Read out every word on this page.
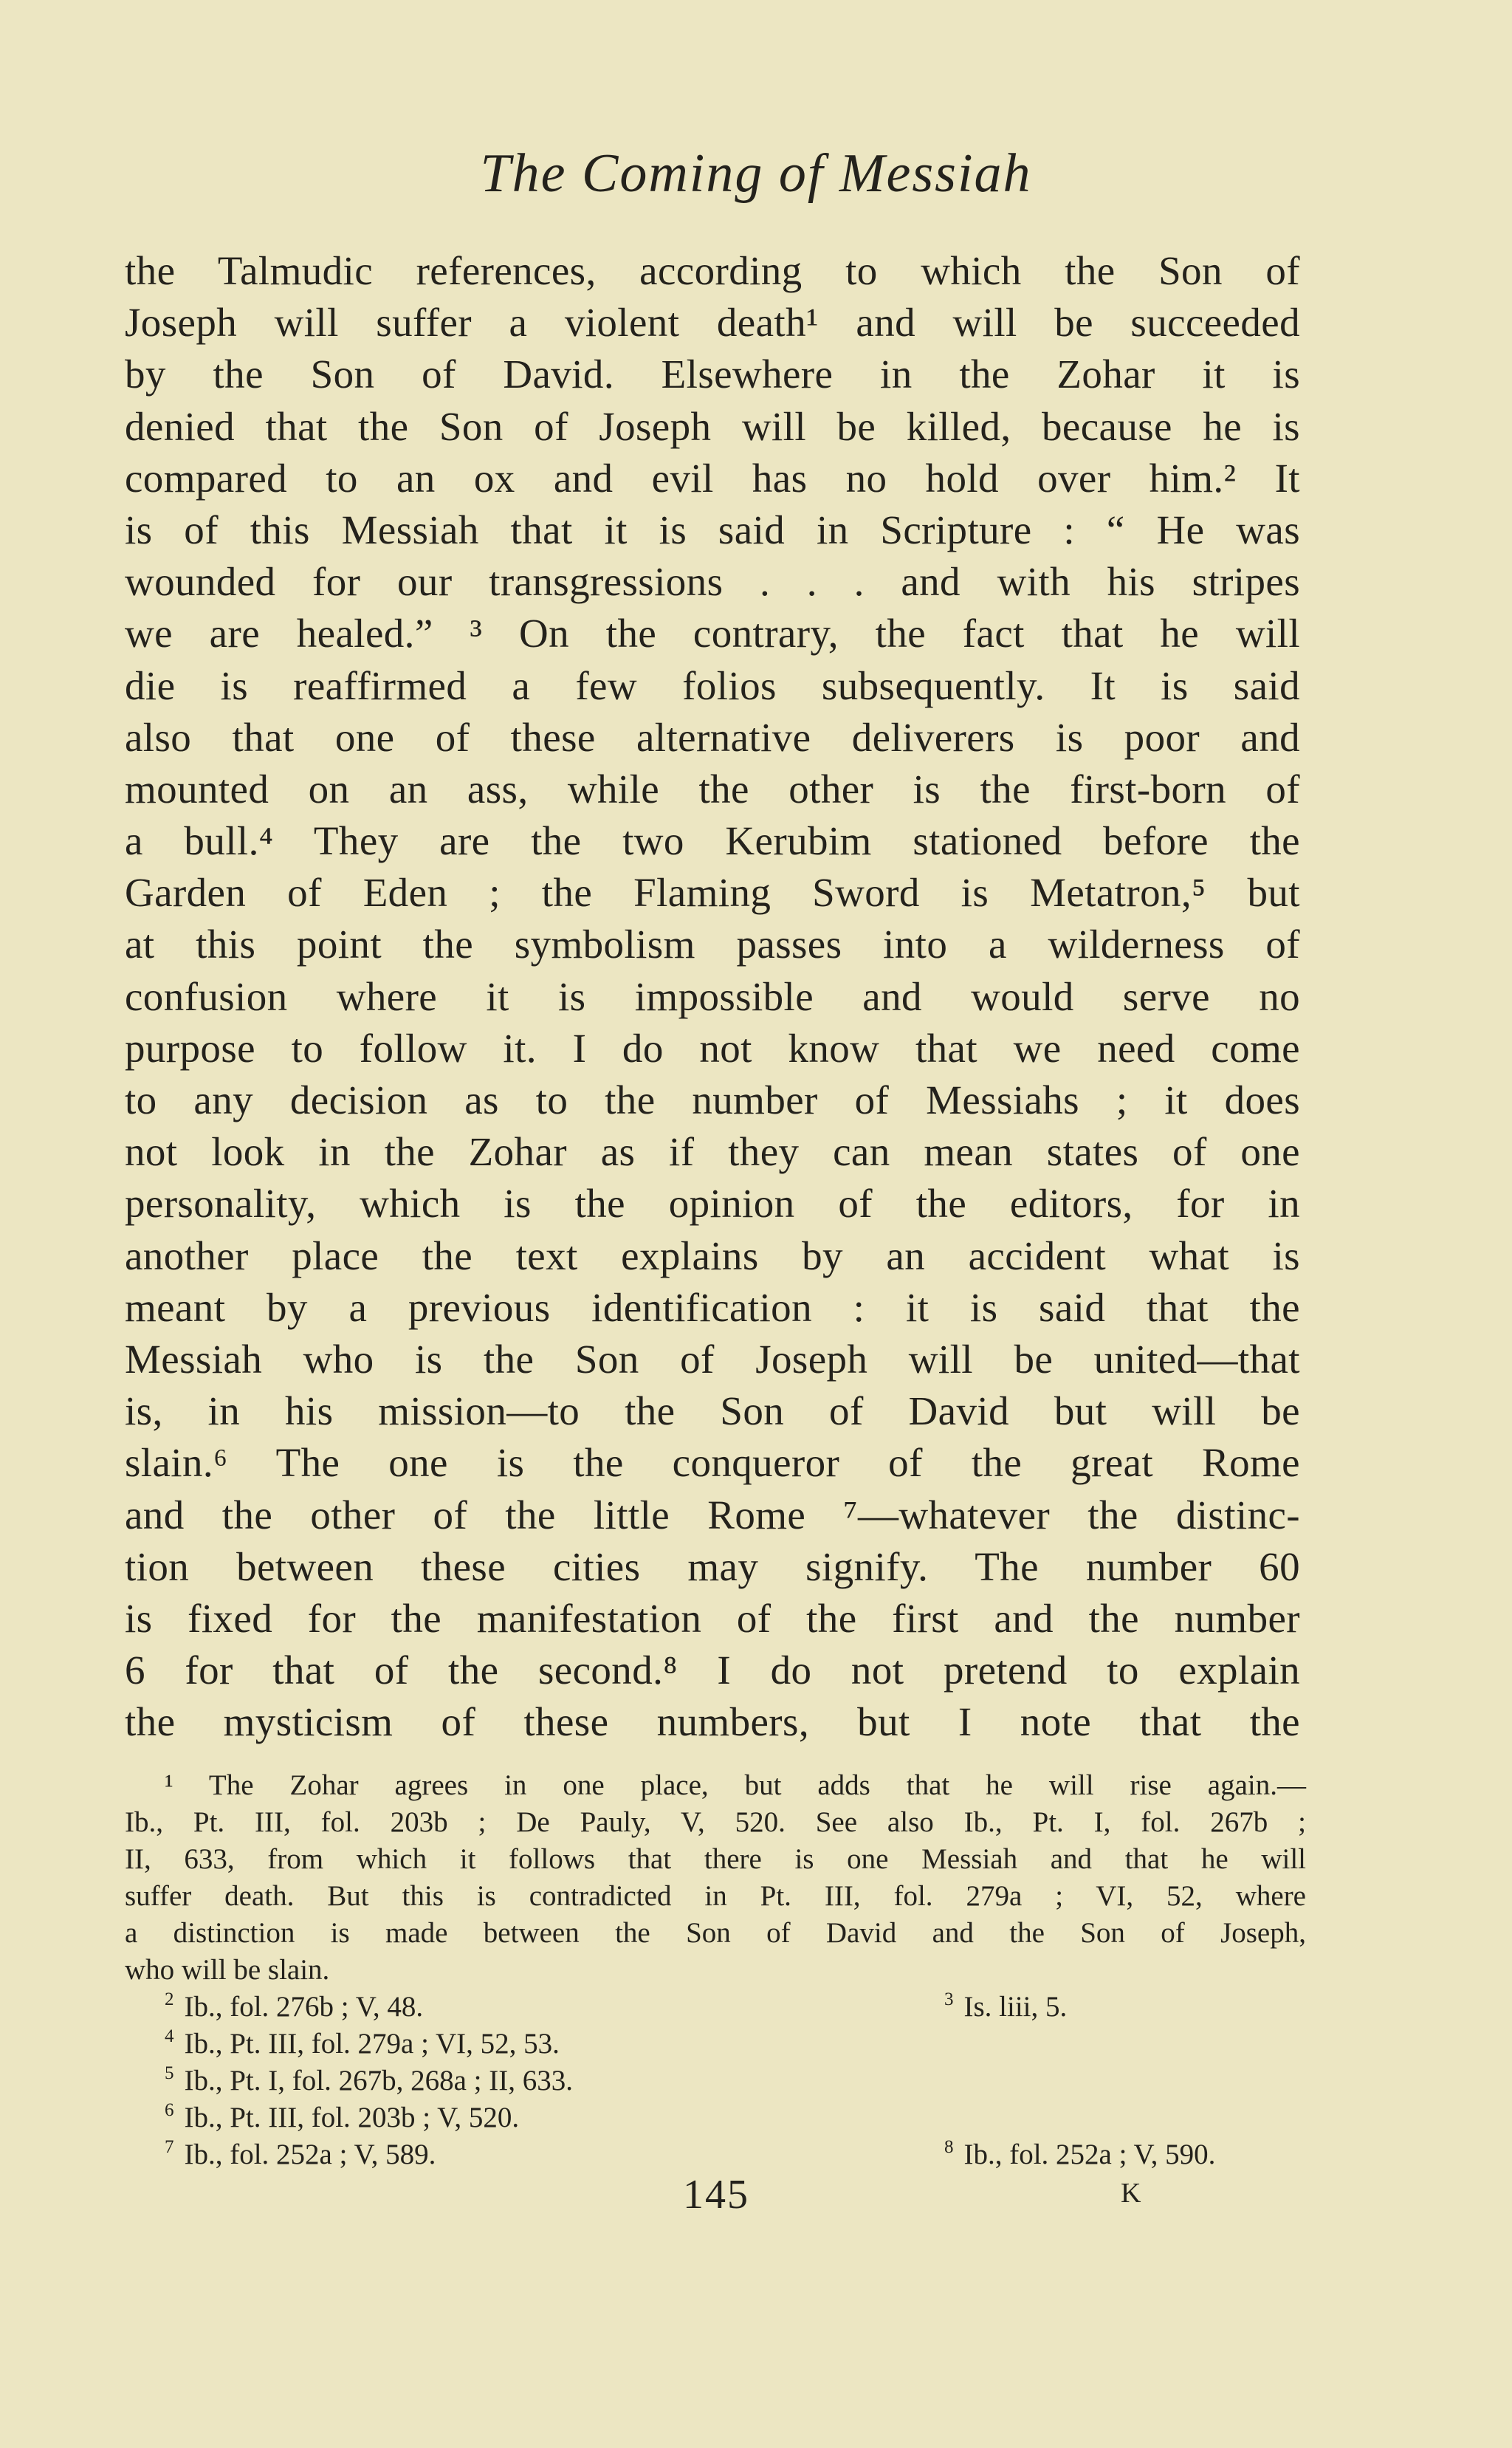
The Coming of Messiah
the Talmudic references, according to which the Son of
Joseph will suffer a violent death¹ and will be succeeded
by the Son of David. Elsewhere in the Zohar it is
denied that the Son of Joseph will be killed, because he is
compared to an ox and evil has no hold over him.² It
is of this Messiah that it is said in Scripture : “ He was
wounded for our transgressions . . . and with his stripes
we are healed.” ³ On the contrary, the fact that he will
die is reaffirmed a few folios subsequently. It is said
also that one of these alternative deliverers is poor and
mounted on an ass, while the other is the first-born of
a bull.⁴ They are the two Kerubim stationed before the
Garden of Eden ; the Flaming Sword is Metatron,⁵ but
at this point the symbolism passes into a wilderness of
confusion where it is impossible and would serve no
purpose to follow it. I do not know that we need come
to any decision as to the number of Messiahs ; it does
not look in the Zohar as if they can mean states of one
personality, which is the opinion of the editors, for in
another place the text explains by an accident what is
meant by a previous identification : it is said that the
Messiah who is the Son of Joseph will be united—that
is, in his mission—to the Son of David but will be
slain.⁶ The one is the conqueror of the great Rome
and the other of the little Rome ⁷—whatever the distinc-
tion between these cities may signify. The number 60
is fixed for the manifestation of the first and the number
6 for that of the second.⁸ I do not pretend to explain
the mysticism of these numbers, but I note that the
¹ The Zohar agrees in one place, but adds that he will rise again.—
Ib., Pt. III, fol. 203b ; De Pauly, V, 520. See also Ib., Pt. I, fol. 267b ;
II, 633, from which it follows that there is one Messiah and that he will
suffer death. But this is contradicted in Pt. III, fol. 279a ; VI, 52, where
a distinction is made between the Son of David and the Son of Joseph,
who will be slain.
$^2$ Ib., fol. 276b ; V, 48.	$^3$ Is. liii, 5.
$^4$ Ib., Pt. III, fol. 279a ; VI, 52, 53.
$^5$ Ib., Pt. I, fol. 267b, 268a ; II, 633.
$^6$ Ib., Pt. III, fol. 203b ; V, 520.
$^7$ Ib., fol. 252a ; V, 589.	$^8$ Ib., fol. 252a ; V, 590.
145	K
